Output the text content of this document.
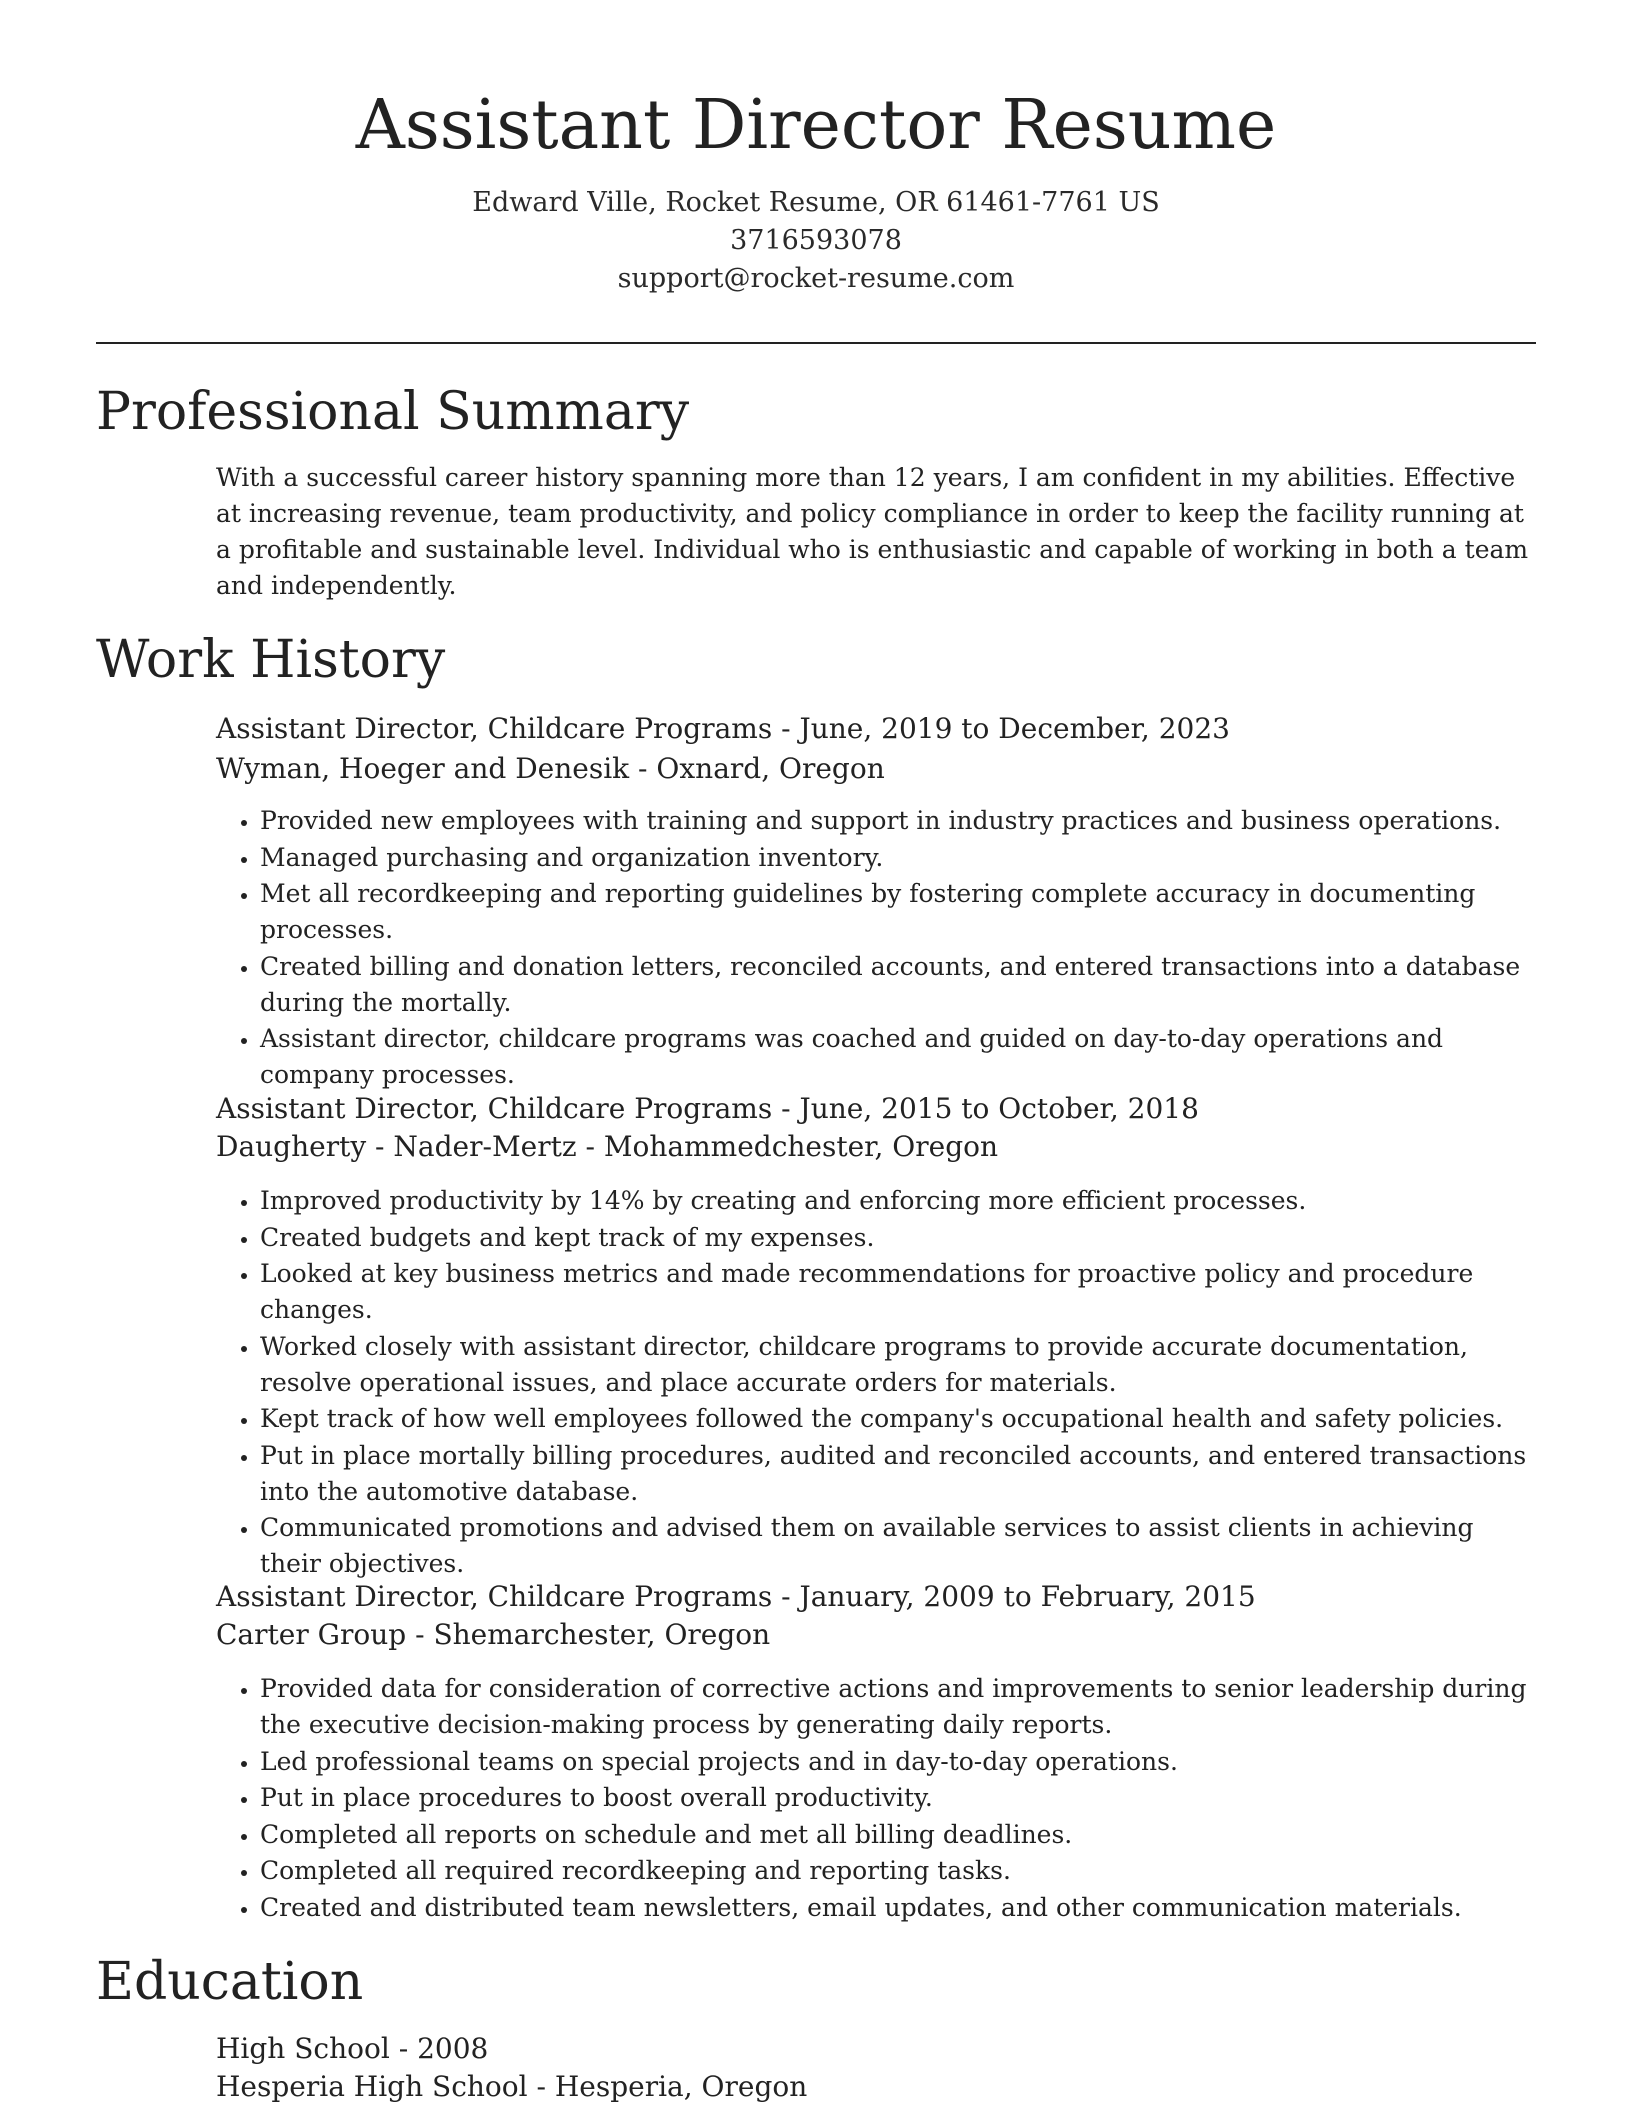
Assistant Director Resume
Edward Ville, Rocket Resume, OR 61461-7761 US
3716593078
support@rocket-resume.com
Professional Summary
With a successful career history spanning more than 12 years, I am confident in my abilities. Effective at increasing revenue, team productivity, and policy compliance in order to keep the facility running at a profitable and sustainable level. Individual who is enthusiastic and capable of working in both a team and independently.
Work History
Assistant Director, Childcare Programs - June, 2019 to December, 2023
Wyman, Hoeger and Denesik - Oxnard, Oregon
• Provided new employees with training and support in industry practices and business operations.
• Managed purchasing and organization inventory.
• Met all recordkeeping and reporting guidelines by fostering complete accuracy in documenting processes.
• Created billing and donation letters, reconciled accounts, and entered transactions into a database during the mortally.
• Assistant director, childcare programs was coached and guided on day-to-day operations and company processes.
Assistant Director, Childcare Programs - June, 2015 to October, 2018
Daugherty - Nader-Mertz - Mohammedchester, Oregon
• Improved productivity by 14% by creating and enforcing more efficient processes.
• Created budgets and kept track of my expenses.
• Looked at key business metrics and made recommendations for proactive policy and procedure changes.
• Worked closely with assistant director, childcare programs to provide accurate documentation, resolve operational issues, and place accurate orders for materials.
• Kept track of how well employees followed the company's occupational health and safety policies.
• Put in place mortally billing procedures, audited and reconciled accounts, and entered transactions into the automotive database.
• Communicated promotions and advised them on available services to assist clients in achieving their objectives.
Assistant Director, Childcare Programs - January, 2009 to February, 2015
Carter Group - Shemarchester, Oregon
• Provided data for consideration of corrective actions and improvements to senior leadership during the executive decision-making process by generating daily reports.
• Led professional teams on special projects and in day-to-day operations.
• Put in place procedures to boost overall productivity.
• Completed all reports on schedule and met all billing deadlines.
• Completed all required recordkeeping and reporting tasks.
• Created and distributed team newsletters, email updates, and other communication materials.
Education
High School - 2008
Hesperia High School - Hesperia, Oregon
